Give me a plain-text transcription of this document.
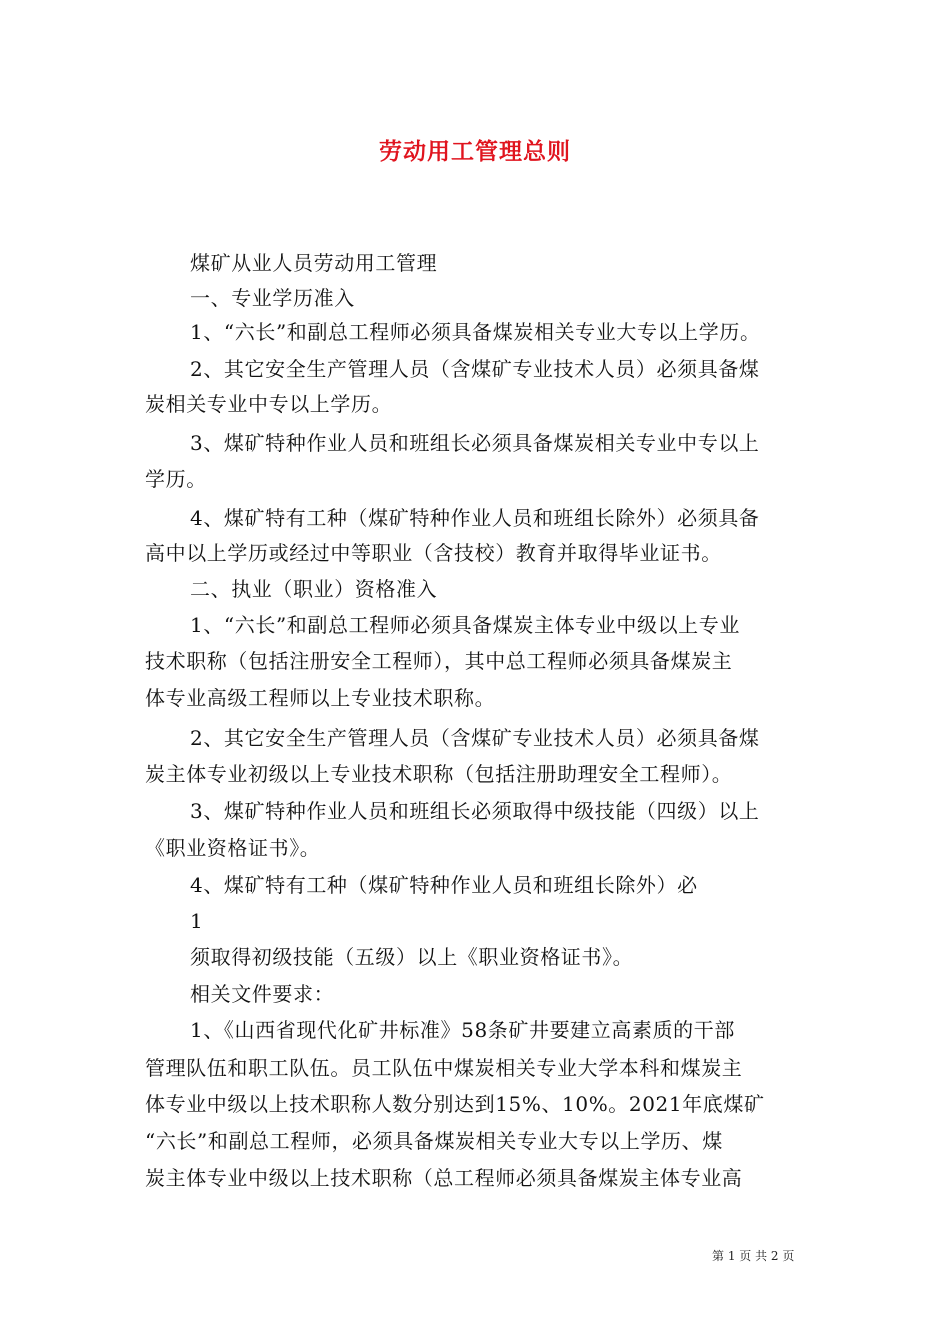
劳动用工管理总则
煤矿从业人员劳动用工管理
一、专业学历准入
1、“六长”和副总工程师必须具备煤炭相关专业大专以上学历。
2、其它安全生产管理人员（含煤矿专业技术人员）必须具备煤
炭相关专业中专以上学历。
3、煤矿特种作业人员和班组长必须具备煤炭相关专业中专以上
学历。
4、煤矿特有工种（煤矿特种作业人员和班组长除外）必须具备
高中以上学历或经过中等职业（含技校）教育并取得毕业证书。
二、执业（职业）资格准入
1、“六长”和副总工程师必须具备煤炭主体专业中级以上专业
技术职称（包括注册安全工程师），其中总工程师必须具备煤炭主
体专业高级工程师以上专业技术职称。
2、其它安全生产管理人员（含煤矿专业技术人员）必须具备煤
炭主体专业初级以上专业技术职称（包括注册助理安全工程师）。
3、煤矿特种作业人员和班组长必须取得中级技能（四级）以上
《职业资格证书》。
4、煤矿特有工种（煤矿特种作业人员和班组长除外）必
1
须取得初级技能（五级）以上《职业资格证书》。
相关文件要求：
1、《山西省现代化矿井标准》58条矿井要建立高素质的干部
管理队伍和职工队伍。员工队伍中煤炭相关专业大学本科和煤炭主
体专业中级以上技术职称人数分别达到15%、10%。2021年底煤矿
“六长”和副总工程师，必须具备煤炭相关专业大专以上学历、煤
炭主体专业中级以上技术职称（总工程师必须具备煤炭主体专业高
第 1 页 共 2 页
